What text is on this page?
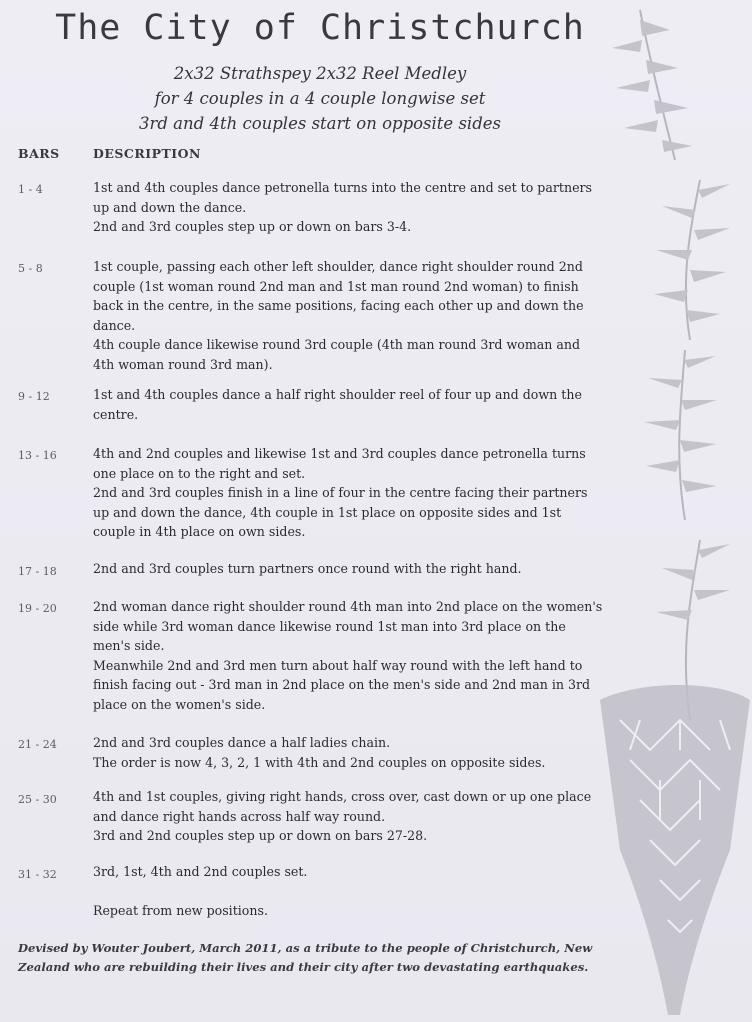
The City of Christchurch
2x32 Strathspey 2x32 Reel Medley
for 4 couples in a 4 couple longwise set
3rd and 4th couples start on opposite sides
BARS	DESCRIPTION
1 - 4	1st and 4th couples dance petronella turns into the centre and set to partners
up and down the dance.
2nd and 3rd couples step up or down on bars 3-4.
5 - 8	1st couple, passing each other left shoulder, dance right shoulder round 2nd
couple (1st woman round 2nd man and 1st man round 2nd woman) to finish
back in the centre, in the same positions, facing each other up and down the
dance.
4th couple dance likewise round 3rd couple (4th man round 3rd woman and
4th woman round 3rd man).
9 - 12	1st and 4th couples dance a half right shoulder reel of four up and down the
centre.
13 - 16	4th and 2nd couples and likewise 1st and 3rd couples dance petronella turns
one place on to the right and set.
2nd and 3rd couples finish in a line of four in the centre facing their partners
up and down the dance, 4th couple in 1st place on opposite sides and 1st
couple in 4th place on own sides.
17 - 18	2nd and 3rd couples turn partners once round with the right hand.
19 - 20	2nd woman dance right shoulder round 4th man into 2nd place on the women's
side while 3rd woman dance likewise round 1st man into 3rd place on the
men's side.
Meanwhile 2nd and 3rd men turn about half way round with the left hand to
finish facing out - 3rd man in 2nd place on the men's side and 2nd man in 3rd
place on the women's side.
21 - 24	2nd and 3rd couples dance a half ladies chain.
The order is now 4, 3, 2, 1 with 4th and 2nd couples on opposite sides.
25 - 30	4th and 1st couples, giving right hands, cross over, cast down or up one place
and dance right hands across half way round.
3rd and 2nd couples step up or down on bars 27-28.
31 - 32	3rd, 1st, 4th and 2nd couples set.
Repeat from new positions.
Devised by Wouter Joubert, March 2011, as a tribute to the people of Christchurch, New
Zealand who are rebuilding their lives and their city after two devastating earthquakes.
